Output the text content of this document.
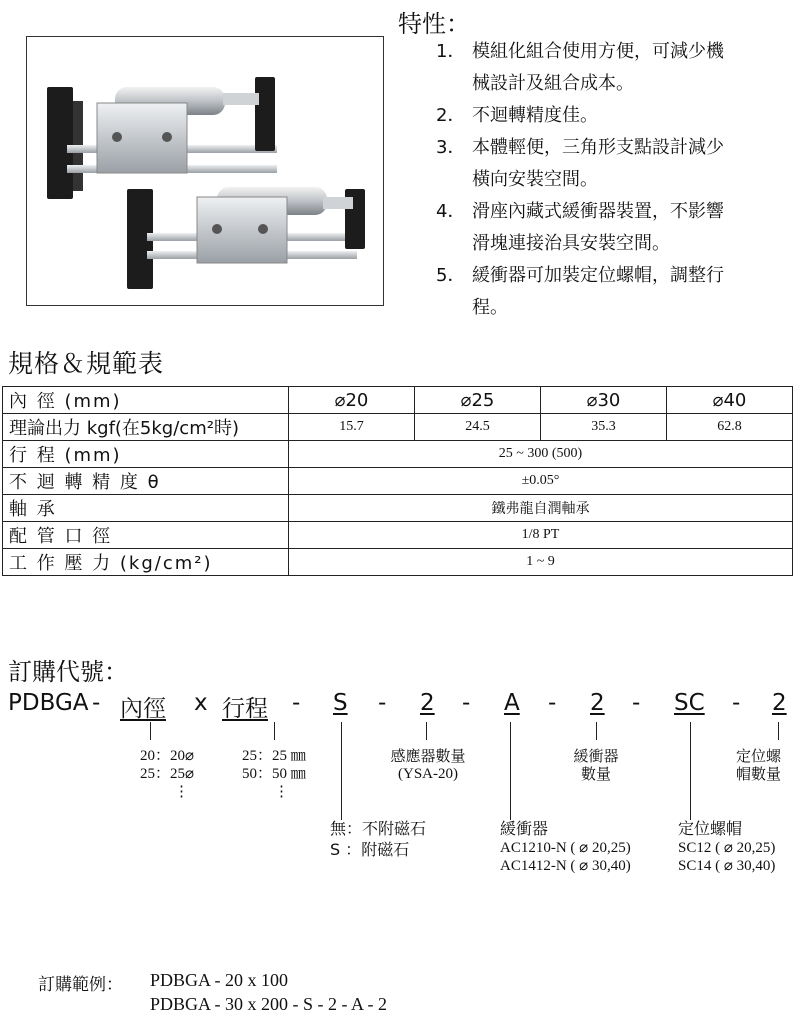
特性：
1． 模組化組合使用方便，可減少機
械設計及組合成本。
2． 不迴轉精度佳。
3． 本體輕便，三角形支點設計減少
橫向安裝空間。
4． 滑座內藏式緩衝器裝置，不影響
滑塊連接治具安裝空間。
5． 緩衝器可加裝定位螺帽，調整行
程。
規格＆規範表
內 徑 (mm)	⌀20	⌀25	⌀30	⌀40
理論出力 kgf(在5kg/cm²時)	15.7	24.5	35.3	62.8
行 程 (mm)	25 ~ 300 (500)			
不 迴 轉 精 度 θ	±0.05°			
軸 承	鐵弗龍自潤軸承			
配 管 口 徑	1/8 PT			
工 作 壓 力 (kg/cm²)	1 ~ 9			
訂購代號：
PDBGA - 內徑 x 行程 - S - 2 - A - 2 - SC - 2
20：20⌀
25：25⌀
⋮
25：25 ㎜
50：50 ㎜
⋮
感應器數量
(YSA-20)
緩衝器
數量
定位螺
帽數量
無：不附磁石
S ：附磁石
緩衝器
AC1210-N ( ⌀ 20,25)
AC1412-N ( ⌀ 30,40)
定位螺帽
SC12 ( ⌀ 20,25)
SC14 ( ⌀ 30,40)
訂購範例： PDBGA - 20 x 100
PDBGA - 30 x 200 - S - 2 - A - 2
